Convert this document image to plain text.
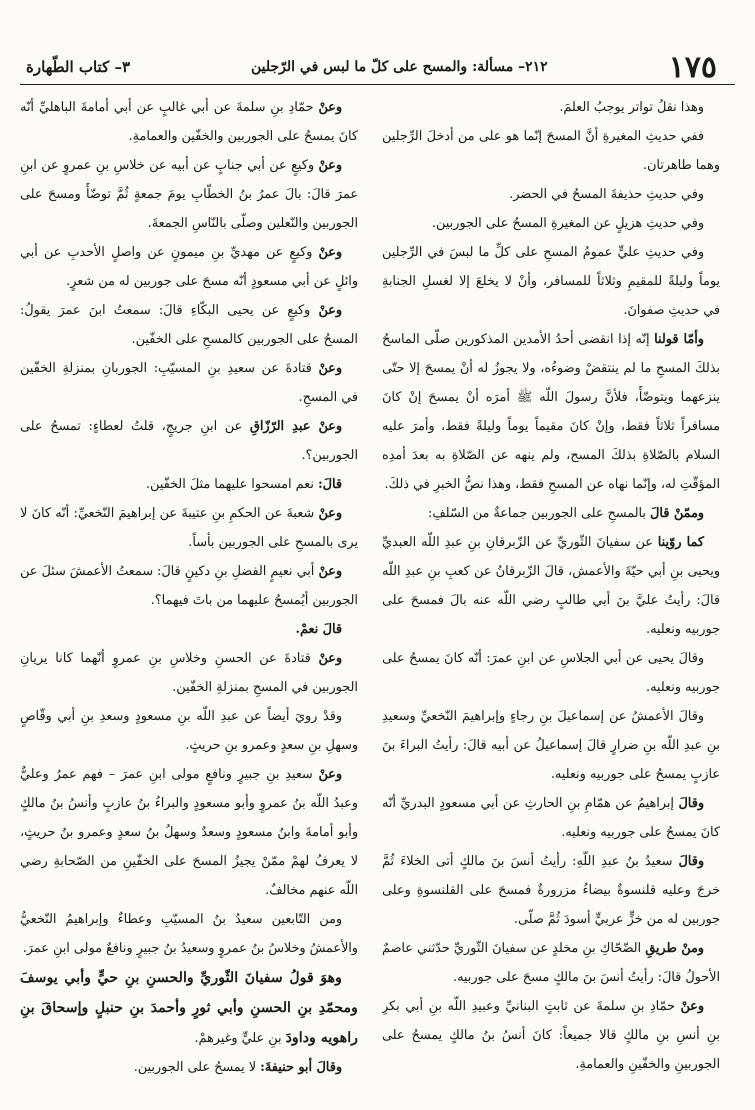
١٧٥
٢١٢– مسألة: والمسح على كلّ ما لبس في الرّجلين
٣– كتاب الطّهارة

وهذا نقلُ تواتر يوجبُ العلمَ.

ففي حديثِ المغيرةِ أنَّ المسحَ إنّما هو على من أدخلَ الرِّجلين وهما طاهرتان.

وفي حديثِ حذيفةَ المسحُ في الحضر.

وفي حديثِ هزيلٍ عن المغيرةِ المسحُ على الجوربين.

وفي حديثِ عليٍّ عمومُ المسحِ على كلِّ ما لبسَ في الرِّجلين يوماً وليلةً للمقيمِ وثلاثاً للمسافر، وأنْ لا يخلعَ إلا لغسلِ الجنابةِ في حديثِ صفوانَ.

وأمّا قولنا إنّه إذا انقضى أحدُ الأمدين المذكورين صلّى الماسحُ بذلكَ المسحِ ما لم ينتقضْ وضوءُه، ولا يجوزُ له أنْ يمسحَ إلا حتّى ينزعهما ويتوضّأَ، فلأنَّ رسولَ اللّه ﷺ أمرَه أنْ يمسحَ إنْ كانَ مسافراً ثلاثاً فقط، وإنْ كانَ مقيماً يوماً وليلةً فقط، وأمرَ عليه السلام بالصّلاةِ بذلكَ المسح، ولم ينهه عن الصّلاةِ به بعدَ أمدِه المؤقّتِ له، وإنّما نهاه عن المسحِ فقط، وهذا نصُّ الخبرِ في ذلكَ.

وممّنْ قالَ بالمسحِ على الجوربين جماعةٌ من السّلفِ:

كما روّينا عن سفيانَ الثّوريِّ عن الزّبرقانِ بنِ عبدِ اللّه العبديِّ ويحيى بنِ أبي حيّةَ والأعمش، قالَ الزّبرقانُ عن كعبِ بنِ عبدِ اللّه قالَ: رأيتُ عليَّ بنَ أبي طالبٍ رضي اللّه عنه بالَ فمسحَ على جوربيه ونعليه.

وقالَ يحيى عن أبي الجلاسِ عن ابنِ عمرَ: أنّه كانَ يمسحُ على جوربيه ونعليه.

وقالَ الأعمشُ عن إسماعيلَ بنِ رجاءٍ وإبراهيمَ النّخعيِّ وسعيدِ بنِ عبدِ اللّه بنِ ضرارٍ قالَ إسماعيلُ عن أبيه قالَ: رأيتُ البراءَ بنَ عازبٍ يمسحُ على جوربيه ونعليه.

وقالَ إبراهيمُ عن همّامِ بنِ الحارثِ عن أبي مسعودٍ البدريِّ أنّه كانَ يمسحُ على جوربيه ونعليه.

وقالَ سعيدُ بنُ عبدِ اللّهِ: رأيتُ أنسَ بنَ مالكٍ أتى الخلاءَ ثُمَّ خرجَ وعليه قلنسوةٌ بيضاءُ مزرورةٌ فمسحَ على القلنسوةِ وعلى جوربين له من خزٍّ عربيٍّ أسودَ ثُمَّ صلّى.

ومنْ طريقِ الضّحّاكِ بنِ مخلدٍ عن سفيانَ الثّوريِّ حدّثني عاصمٌ الأحولُ قالَ: رأيتُ أنسَ بنَ مالكٍ مسحَ على جوربيه.

وعنْ حمّادِ بنِ سلمةَ عن ثابتٍ البنانيِّ وعبيدِ اللّه بنِ أبي بكرِ بنِ أنسِ بنِ مالكٍ قالا جميعاً: كانَ أنسُ بنُ مالكٍ يمسحُ على الجوربينِ والخفّينِ والعمامةِ.

وعنْ حمّادِ بنِ سلمةَ عن أبي غالبٍ عن أبي أمامةَ الباهليِّ أنّه كانَ يمسحُ على الجوربين والخفّين والعمامةِ.

وعنْ وكيعٍ عن أبي جنابٍ عن أبيه عن خلاسِ بنِ عمروٍ عن ابنِ عمرَ قالَ: بالَ عمرُ بنُ الخطّابِ يومَ جمعةٍ ثُمَّ توضّأَ ومسحَ على الجوربين والنّعلين وصلّى بالنّاسِ الجمعةَ.

وعنْ وكيعٍ عن مهديِّ بنِ ميمونٍ عن واصلٍ الأحدبِ عن أبي وائلٍ عن أبي مسعودٍ أنّه مسحَ على جوربين له من شعرٍ.

وعنْ وكيعٍ عن يحيى البكّاءِ قالَ: سمعتُ ابنَ عمرَ يقولُ: المسحُ على الجوربين كالمسحِ على الخفّين.

وعنْ قتادةَ عن سعيدِ بنِ المسيّبِ: الجوربانِ بمنزلةِ الخفّين في المسحِ.

وعنْ عبدِ الرّزّاقِ عن ابنِ جريجٍ، قلتُ لعطاءٍ: تمسحُ على الجوربين؟.

قالَ: نعم امسحوا عليهما مثلَ الخفّين.

وعنْ شعبةَ عن الحكمِ بنِ عتيبةَ عن إبراهيمَ النّخعيِّ: أنّه كانَ لا يرى بالمسحِ على الجوربين بأساً.

وعنْ أبي نعيمٍ الفضلِ بنِ دكينٍ قالَ: سمعتُ الأعمشَ سئلَ عن الجوربين أيُمسحُ عليهما من باتَ فيهما؟.

قالَ نعمْ.

وعنْ قتادةَ عن الحسنِ وخلاسِ بنِ عمروٍ أنّهما كانا يريانِ الجوربين في المسحِ بمنزلةِ الخفّين.

وقدْ رويَ أيضاً عن عبدِ اللّه بنِ مسعودٍ وسعدِ بنِ أبي وقّاصٍ وسهلِ بنِ سعدٍ وعمرو بنِ حريثٍ.

وعنْ سعيدِ بنِ جبيرٍ ونافعٍ مولى ابنِ عمرَ – فهم عمرُ وعليٌّ وعبدُ اللّه بنُ عمروٍ وأبو مسعودٍ والبراءُ بنُ عازبٍ وأنسُ بنُ مالكٍ وأبو أمامةَ وابنُ مسعودٍ وسعدٌ وسهلُ بنُ سعدٍ وعمرو بنُ حريثٍ، لا يعرفُ لهمْ ممّنْ يجيزُ المسحَ على الخفّينِ من الصّحابةِ رضي اللّه عنهم مخالفٌ.

ومن التّابعين سعيدُ بنُ المسيّبِ وعطاءٌ وإبراهيمُ النّخعيُّ والأعمشُ وخلاسُ بنُ عمروٍ وسعيدُ بنُ جبيرٍ ونافعٌ مولى ابنِ عمرَ.

وهوَ قولُ سفيانَ الثّوريِّ والحسنِ بنِ حيٍّ وأبي يوسفَ ومحمّدِ بنِ الحسنِ وأبي ثورٍ وأحمدَ بنِ حنبلٍ وإسحاقَ بنِ راهويه وداودَ بنِ عليٍّ وغيرهمْ.

وقالَ أبو حنيفةَ: لا يمسحُ على الجوربين.
